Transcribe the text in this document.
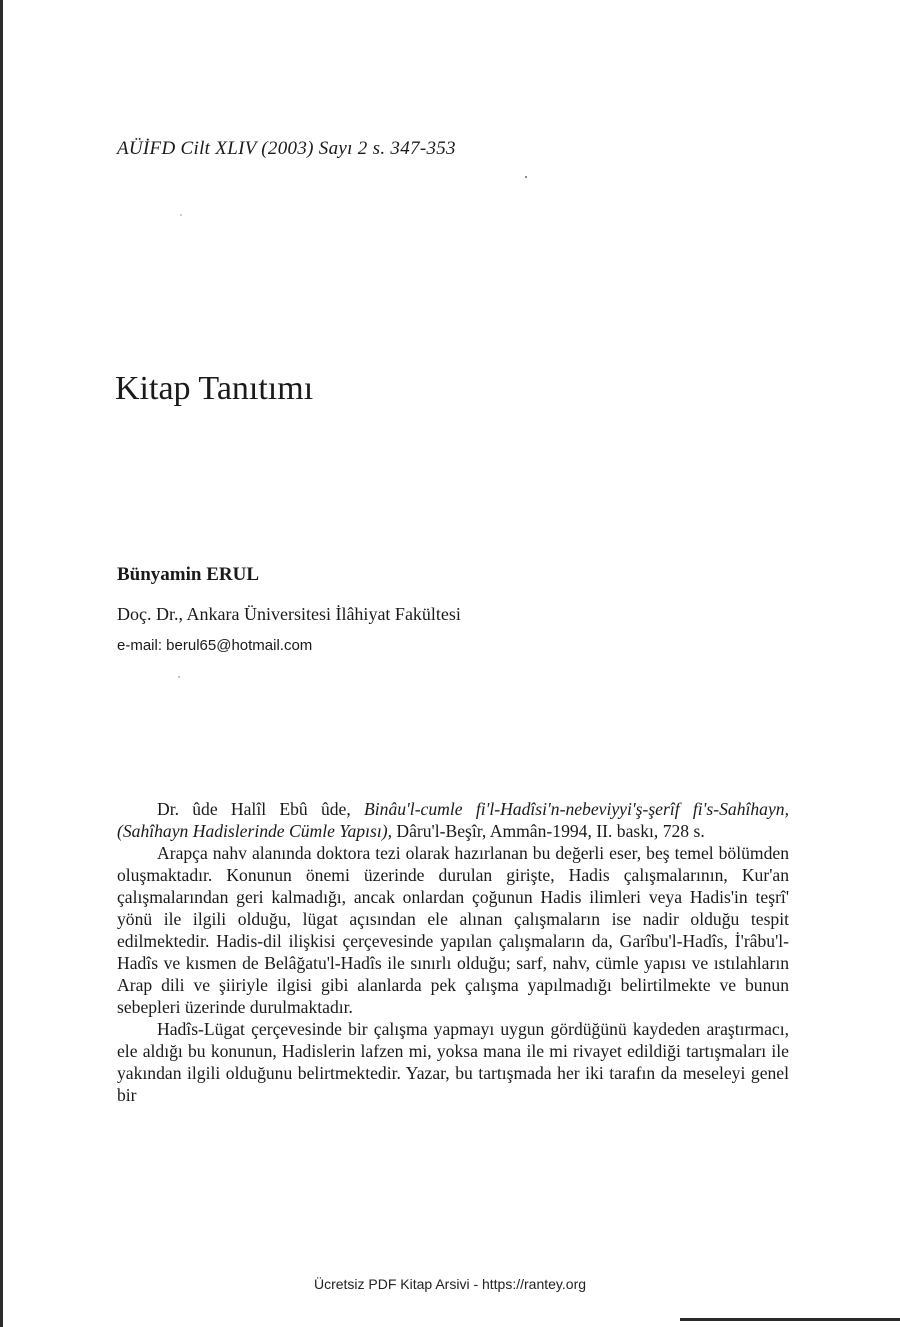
AÜİFD Cilt XLIV (2003) Sayı 2 s. 347-353
Kitap Tanıtımı
Bünyamin ERUL
Doç. Dr., Ankara Üniversitesi İlâhiyat Fakültesi
e-mail: berul65@hotmail.com

Dr. ûde Halîl Ebû ûde, Binâu'l-cumle fi'l-Hadîsi'n-nebeviyyi'ş-şerîf fi's-Sahîhayn, (Sahîhayn Hadislerinde Cümle Yapısı), Dâru'l-Beşîr, Ammân-1994, II. baskı, 728 s.

Arapça nahv alanında doktora tezi olarak hazırlanan bu değerli eser, beş temel bölümden oluşmaktadır. Konunun önemi üzerinde durulan girişte, Hadis çalışmalarının, Kur'an çalışmalarından geri kalmadığı, ancak onlardan çoğunun Hadis ilimleri veya Hadis'in teşrî' yönü ile ilgili olduğu, lügat açısından ele alınan çalışmaların ise nadir olduğu tespit edilmektedir. Hadis-dil ilişkisi çerçevesinde yapılan çalışmaların da, Garîbu'l-Hadîs, İ'râbu'l-Hadîs ve kısmen de Belâğatu'l-Hadîs ile sınırlı olduğu; sarf, nahv, cümle yapısı ve ıstılahların Arap dili ve şiiriyle ilgisi gibi alanlarda pek çalışma yapılmadığı belirtilmekte ve bunun sebepleri üzerinde durulmaktadır.

Hadîs-Lügat çerçevesinde bir çalışma yapmayı uygun gördüğünü kaydeden araştırmacı, ele aldığı bu konunun, Hadislerin lafzen mi, yoksa mana ile mi rivayet edildiği tartışmaları ile yakından ilgili olduğunu belirtmektedir. Yazar, bu tartışmada her iki tarafın da meseleyi genel bir

Ücretsiz PDF Kitap Arsivi - https://rantey.org
